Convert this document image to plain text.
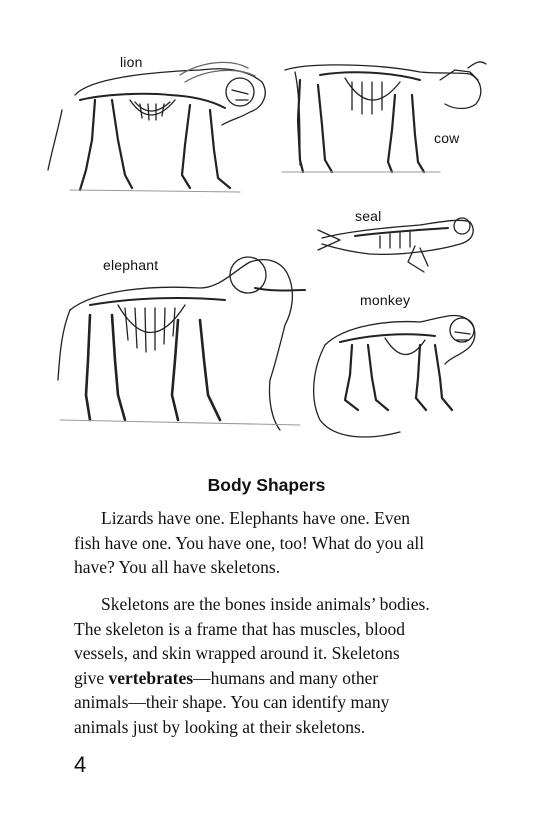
lion
cow
seal
elephant
monkey
Body Shapers

Lizards have one. Elephants have one. Even
fish have one. You have one, too! What do you all
have? You all have skeletons.

Skeletons are the bones inside animals’ bodies.
The skeleton is a frame that has muscles, blood
vessels, and skin wrapped around it. Skeletons
give vertebrates—humans and many other
animals—their shape. You can identify many
animals just by looking at their skeletons.

4
